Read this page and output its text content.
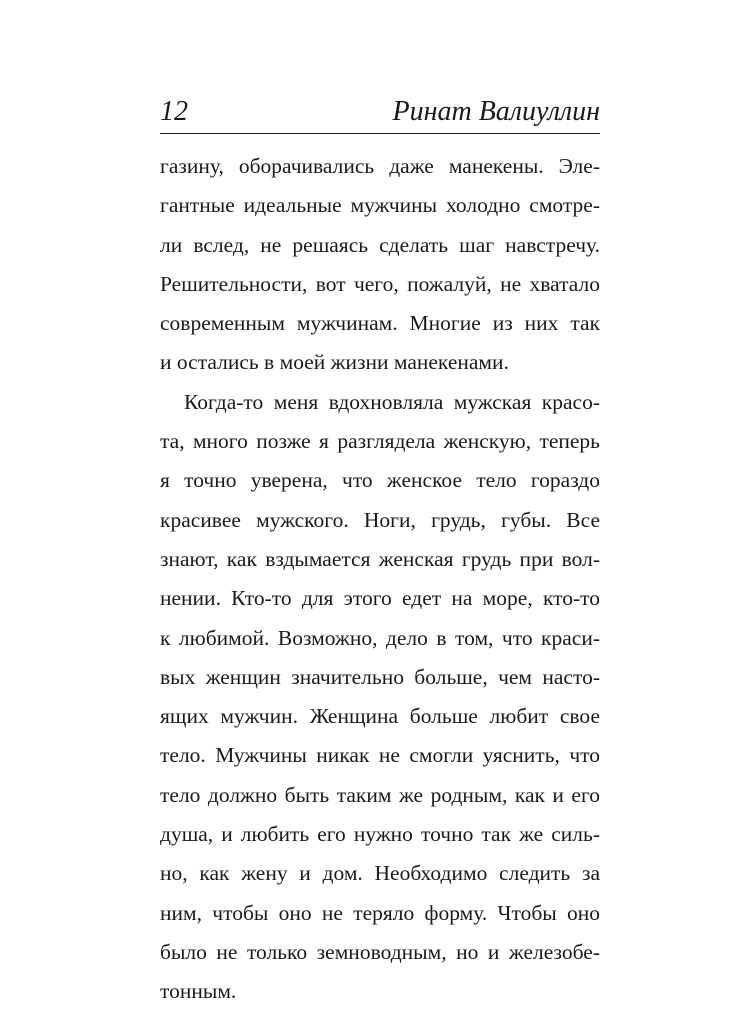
12	Ринат Валиуллин
газину, оборачивались даже манекены. Эле-
гантные идеальные мужчины холодно смотре-
ли вслед, не решаясь сделать шаг навстречу.
Решительности, вот чего, пожалуй, не хватало
современным мужчинам. Многие из них так
и остались в моей жизни манекенами.
Когда-то меня вдохновляла мужская красо-
та, много позже я разглядела женскую, теперь
я точно уверена, что женское тело гораздо
красивее мужского. Ноги, грудь, губы. Все
знают, как вздымается женская грудь при вол-
нении. Кто-то для этого едет на море, кто-то
к любимой. Возможно, дело в том, что краси-
вых женщин значительно больше, чем насто-
ящих мужчин. Женщина больше любит свое
тело. Мужчины никак не смогли уяснить, что
тело должно быть таким же родным, как и его
душа, и любить его нужно точно так же силь-
но, как жену и дом. Необходимо следить за
ним, чтобы оно не теряло форму. Чтобы оно
было не только земноводным, но и железобе-
тонным.
